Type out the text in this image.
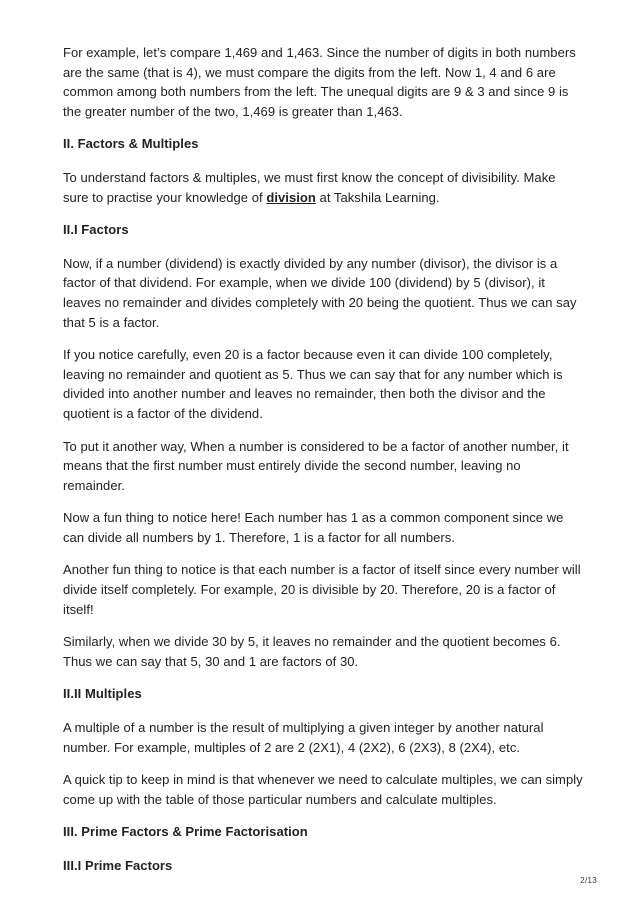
For example, let’s compare 1,469 and 1,463. Since the number of digits in both numbers are the same (that is 4), we must compare the digits from the left. Now 1, 4 and 6 are common among both numbers from the left. The unequal digits are 9 & 3 and since 9 is the greater number of the two, 1,469 is greater than 1,463.

II. Factors & Multiples

To understand factors & multiples, we must first know the concept of divisibility. Make sure to practise your knowledge of division at Takshila Learning.

II.I Factors

Now, if a number (dividend) is exactly divided by any number (divisor), the divisor is a factor of that dividend. For example, when we divide 100 (dividend) by 5 (divisor), it leaves no remainder and divides completely with 20 being the quotient. Thus we can say that 5 is a factor.

If you notice carefully, even 20 is a factor because even it can divide 100 completely, leaving no remainder and quotient as 5. Thus we can say that for any number which is divided into another number and leaves no remainder, then both the divisor and the quotient is a factor of the dividend.

To put it another way, When a number is considered to be a factor of another number, it means that the first number must entirely divide the second number, leaving no remainder.

Now a fun thing to notice here! Each number has 1 as a common component since we can divide all numbers by 1. Therefore, 1 is a factor for all numbers.

Another fun thing to notice is that each number is a factor of itself since every number will divide itself completely. For example, 20 is divisible by 20. Therefore, 20 is a factor of itself!

Similarly, when we divide 30 by 5, it leaves no remainder and the quotient becomes 6. Thus we can say that 5, 30 and 1 are factors of 30.

II.II Multiples

A multiple of a number is the result of multiplying a given integer by another natural number. For example, multiples of 2 are 2 (2X1), 4 (2X2), 6 (2X3), 8 (2X4), etc.

A quick tip to keep in mind is that whenever we need to calculate multiples, we can simply come up with the table of those particular numbers and calculate multiples.

III. Prime Factors & Prime Factorisation

III.I Prime Factors

2/13
